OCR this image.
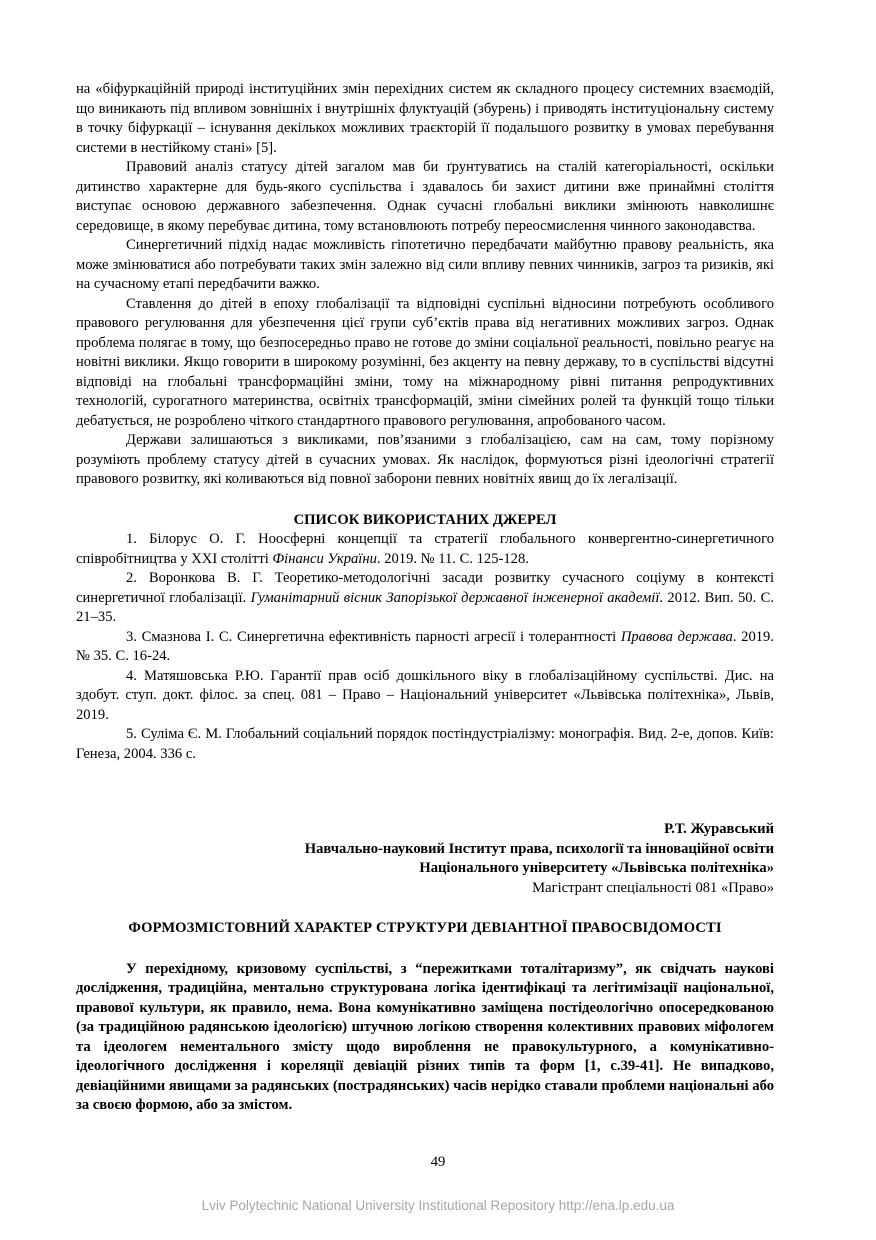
на «біфуркаційній природі інституційних змін перехідних систем як складного процесу системних взаємодій, що виникають під впливом зовнішніх і внутрішніх флуктуацій (збурень) і приводять інституціональну систему в точку біфуркації – існування декількох можливих траєкторій її подальшого розвитку в умовах перебування системи в нестійкому стані» [5].

Правовий аналіз статусу дітей загалом мав би ґрунтуватись на сталій категоріальності, оскільки дитинство характерне для будь-якого суспільства і здавалось би захист дитини вже принаймні століття виступає основою державного забезпечення. Однак сучасні глобальні виклики змінюють навколишнє середовище, в якому перебуває дитина, тому встановлюють потребу переосмислення чинного законодавства.

Синергетичний підхід надає можливість гіпотетично передбачати майбутню правову реальність, яка може змінюватися або потребувати таких змін залежно від сили впливу певних чинників, загроз та ризиків, які на сучасному етапі передбачити важко.

Ставлення до дітей в епоху глобалізації та відповідні суспільні відносини потребують особливого правового регулювання для убезпечення цієї групи суб’єктів права від негативних можливих загроз. Однак проблема полягає в тому, що безпосередньо право не готове до зміни соціальної реальності, повільно реагує на новітні виклики. Якщо говорити в широкому розумінні, без акценту на певну державу, то в суспільстві відсутні відповіді на глобальні трансформаційні зміни, тому на міжнародному рівні питання репродуктивних технологій, сурогатного материнства, освітніх трансформацій, зміни сімейних ролей та функцій тощо тільки дебатується, не розроблено чіткого стандартного правового регулювання, апробованого часом.

Держави залишаються з викликами, пов’язаними з глобалізацією, сам на сам, тому порізному розуміють проблему статусу дітей в сучасних умовах. Як наслідок, формуються різні ідеологічні стратегії правового розвитку, які коливаються від повної заборони певних новітніх явищ до їх легалізації.

СПИСОК ВИКОРИСТАНИХ ДЖЕРЕЛ

1. Білорус О. Г. Ноосферні концепції та стратегії глобального конвергентно-синергетичного співробітництва у XXI столітті Фінанси України. 2019. № 11. С. 125-128.

2. Воронкова В. Г. Теоретико-методологічні засади розвитку сучасного соціуму в контексті синергетичної глобалізації. Гуманітарний вісник Запорізької державної інженерної академії. 2012. Вип. 50. С. 21–35.

3. Смазнова І. С. Синергетична ефективність парності агресії і толерантності Правова держава. 2019. № 35. С. 16-24.

4. Матяшовська Р.Ю. Гарантії прав осіб дошкільного віку в глобалізаційному суспільстві. Дис. на здобут. ступ. докт. філос. за спец. 081 – Право – Національний університет «Львівська політехніка», Львів, 2019.

5. Суліма Є. М. Глобальний соціальний порядок постіндустріалізму: монографія. Вид. 2-е, допов. Київ: Генеза, 2004. 336 с.

Р.Т. Журавський
Навчально-науковий Інститут права, психології та інноваційної освіти
Національного університету «Львівська політехніка»
Магістрант спеціальності 081 «Право»
ФОРМОЗМІСТОВНИЙ ХАРАКТЕР СТРУКТУРИ ДЕВІАНТНОЇ ПРАВОСВІДОМОСТІ

У перехідному, кризовому суспільстві, з “пережитками тоталітаризму”, як свідчать наукові дослідження, традиційна, ментально структурована логіка ідентифікаці та легітимізації національної, правової культури, як правило, нема. Вона комунікативно заміщена постідеологічно опосередкованою (за традиційною радянською ідеологією) штучною логікою створення колективних правових міфологем та ідеологем нементального змісту щодо вироблення не правокультурного, а комунікативно-ідеологічного дослідження і кореляції девіацій різних типів та форм [1, с.39-41]. Не випадково, девіаційними явищами за радянських (пострадянських) часів нерідко ставали проблеми національні або за своєю формою, або за змістом.

49
Lviv Polytechnic National University Institutional Repository http://ena.lp.edu.ua
